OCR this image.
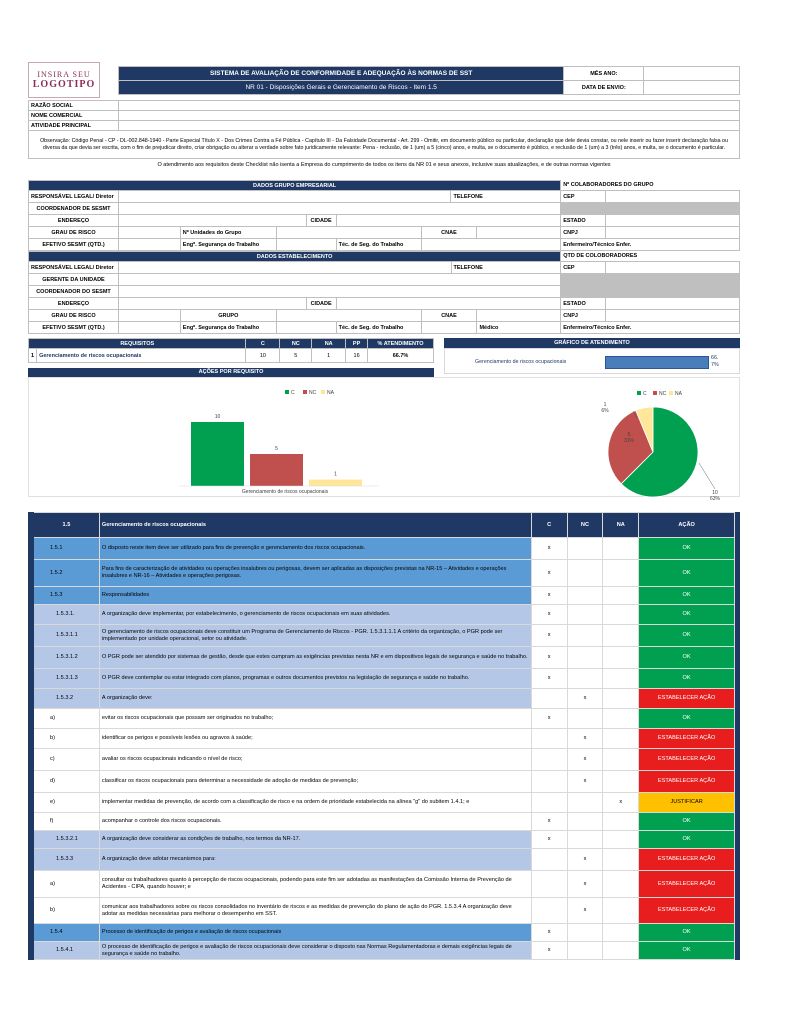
INSIRA SEU
LOGOTIPO
SISTEMA DE AVALIAÇÃO DE CONFORMIDADE E ADEQUAÇÃO ÀS NORMAS DE SST	MÊS ANO:	
NR 01 - Disposições Gerais e Gerenciamento de Riscos - Item 1.5	DATA DE ENVIO:	
RAZÃO SOCIAL	
NOME COMERCIAL	
ATIVIDADE PRINCIPAL	
Observação: Código Penal - CP - DL-002.848-1940 - Parte Especial Título X - Dos Crimes Contra a Fé Pública - Capítulo III - Da Falsidade Documental - Art. 299 - Omitir, em documento público ou particular, declaração que dele devia constar, ou nele inserir ou fazer inserir declaração falsa ou diversa da que devia ser escrita, com o fim de prejudicar direito, criar obrigação ou alterar a verdade sobre fato juridicamente relevante: Pena - reclusão, de 1 (um) a 5 (cinco) anos, e multa, se o documento é público, e reclusão de 1 (um) a 3 (três) anos, e multa, se o documento é particular.	
O atendimento aos requisitos deste Checklist não isenta a Empresa do cumprimento de todos os itens da NR 01 e seus anexos, inclusive suas atualizações, e de outras normas vigentes	
DADOS GRUPO EMPRESARIAL									Nº COLABORADORES DO GRUPO	
RESPONSÁVEL LEGAL/ Diretor							TELEFONE		CEP	
COORDENADOR DE SESMT										
ENDEREÇO				CIDADE					ESTADO	
GRAU DE RISCO		Nº Unidades do Grupo				CNAE			CNPJ	
EFETIVO SESMT (QTD.)		Engº. Segurança do Trabalho			Téc. de Seg. do Trabalho				Enfermeiro/Técnico Enfer.	
DADOS ESTABELECIMENTO									QTD DE COLOBORADORES	
RESPONSÁVEL LEGAL/ Diretor							TELEFONE		CEP	
GERENTE DA UNIDADE										
COORDENADOR DO SESMT										
ENDEREÇO				CIDADE					ESTADO	
GRAU DE RISCO		GRUPO				CNAE			CNPJ	
EFETIVO SESMT (QTD.)		Engº. Segurança do Trabalho			Téc. de Seg. do Trabalho			Médico	Enfermeiro/Técnico Enfer.	
REQUISITOS		C	NC	NA	PP	% ATENDIMENTO
1	Gerenciamento de riscos ocupacionais	10	5	1	16	66.7%
GRÁFICO DE ATENDIMENTO
Gerenciamento de riscos ocupacionais
66.
7%
AÇÕES POR REQUISITO
C	NC NA
10
5
1
Gerenciamento de riscos ocupacionais
C NC NA
10
63%
5
31%
1
6%
	1.5	Gerenciamento de riscos ocupacionais	C	NC	NA	AÇÃO	
	1.5.1	O disposto neste item deve ser utilizado para fins de prevenção e gerenciamento dos riscos ocupacionais.	x			OK	
	1.5.2	Para fins de caracterização de atividades ou operações insalubres ou perigosas, devem ser aplicadas as disposições previstas na NR-15 – Atividades e operações insalubres e NR-16 – Atividades e operações perigosas.	x			OK	
	1.5.3	Responsabilidades	x			OK	
	1.5.3.1.	A organização deve implementar, por estabelecimento, o gerenciamento de riscos ocupacionais em suas atividades.	x			OK	
	1.5.3.1.1	O gerenciamento de riscos ocupacionais deve constituir um Programa de Gerenciamento de Riscos - PGR. 1.5.3.1.1.1 A critério da organização, o PGR pode ser implementado por unidade operacional, setor ou atividade.	x			OK	
	1.5.3.1.2	O PGR pode ser atendido por sistemas de gestão, desde que estes cumpram as exigências previstas nesta NR e em dispositivos legais de segurança e saúde no trabalho.	x			OK	
	1.5.3.1.3	O PGR deve contemplar ou estar integrado com planos, programas e outros documentos previstos na legislação de segurança e saúde no trabalho.	x			OK	
	1.5.3.2	A organização deve:		x		ESTABELECER AÇÃO	
	a)	evitar os riscos ocupacionais que possam ser originados no trabalho;	x			OK	
	b)	identificar os perigos e possíveis lesões ou agravos à saúde;		x		ESTABELECER AÇÃO	
	c)	avaliar os riscos ocupacionais indicando o nível de risco;		x		ESTABELECER AÇÃO	
	d)	classificar os riscos ocupacionais para determinar a necessidade de adoção de medidas de prevenção;		x		ESTABELECER AÇÃO	
	e)	implementar medidas de prevenção, de acordo com a classificação de risco e na ordem de prioridade estabelecida na alínea "g" do subitem 1.4.1; e			x	JUSTIFICAR	
	f)	acompanhar o controle dos riscos ocupacionais.	x			OK	
	1.5.3.2.1	A organização deve considerar as condições de trabalho, nos termos da NR-17.	x			OK	
	1.5.3.3	A organização deve adotar mecanismos para:		x		ESTABELECER AÇÃO	
	a)	consultar os trabalhadores quanto à percepção de riscos ocupacionais, podendo para este fim ser adotadas as manifestações da Comissão Interna de Prevenção de Acidentes - CIPA, quando houver; e		x		ESTABELECER AÇÃO	
	b)	comunicar aos trabalhadores sobre os riscos consolidados no inventário de riscos e as medidas de prevenção do plano de ação do PGR. 1.5.3.4 A organização deve adotar as medidas necessárias para melhorar o desempenho em SST.		x		ESTABELECER AÇÃO	
	1.5.4	Processo de identificação de perigos e avaliação de riscos ocupacionais	x			OK	
	1.5.4.1	O processo de identificação de perigos e avaliação de riscos ocupacionais deve considerar o disposto nas Normas Regulamentadoras e demais exigências legais de segurança e saúde no trabalho.	x			OK	
